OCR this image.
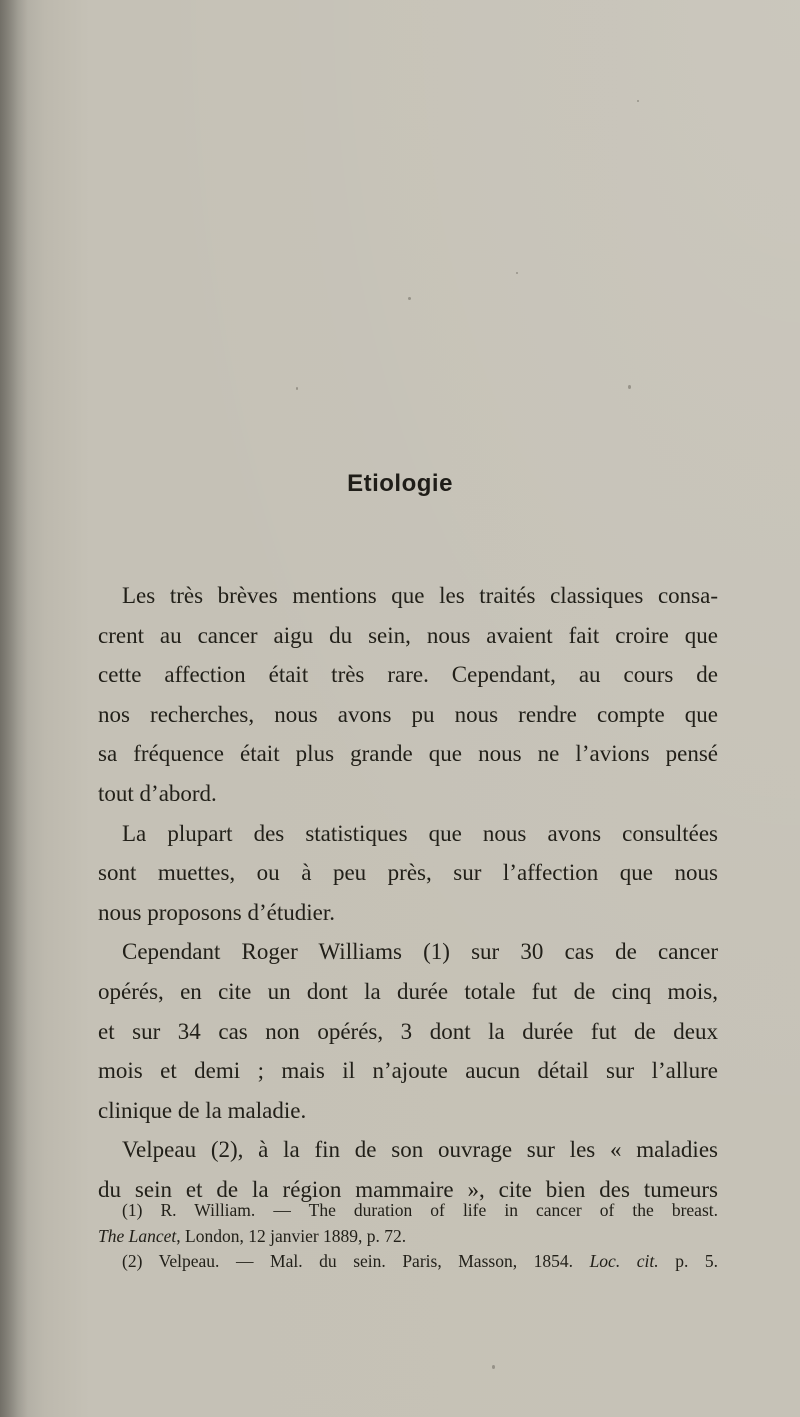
Etiologie
Les très brèves mentions que les traités classiques consa-
crent au cancer aigu du sein, nous avaient fait croire que
cette affection était très rare. Cependant, au cours de
nos recherches, nous avons pu nous rendre compte que
sa fréquence était plus grande que nous ne l’avions pensé
tout d’abord.
La plupart des statistiques que nous avons consultées
sont muettes, ou à peu près, sur l’affection que nous
nous proposons d’étudier.
Cependant Roger Williams (1) sur 30 cas de cancer
opérés, en cite un dont la durée totale fut de cinq mois,
et sur 34 cas non opérés, 3 dont la durée fut de deux
mois et demi ; mais il n’ajoute aucun détail sur l’allure
clinique de la maladie.
Velpeau (2), à la fin de son ouvrage sur les « maladies
du sein et de la région mammaire », cite bien des tumeurs
(1) R. William. — The duration of life in cancer of the breast.
The Lancet, London, 12 janvier 1889, p. 72.
(2) Velpeau. — Mal. du sein. Paris, Masson, 1854. Loc. cit. p. 5.
